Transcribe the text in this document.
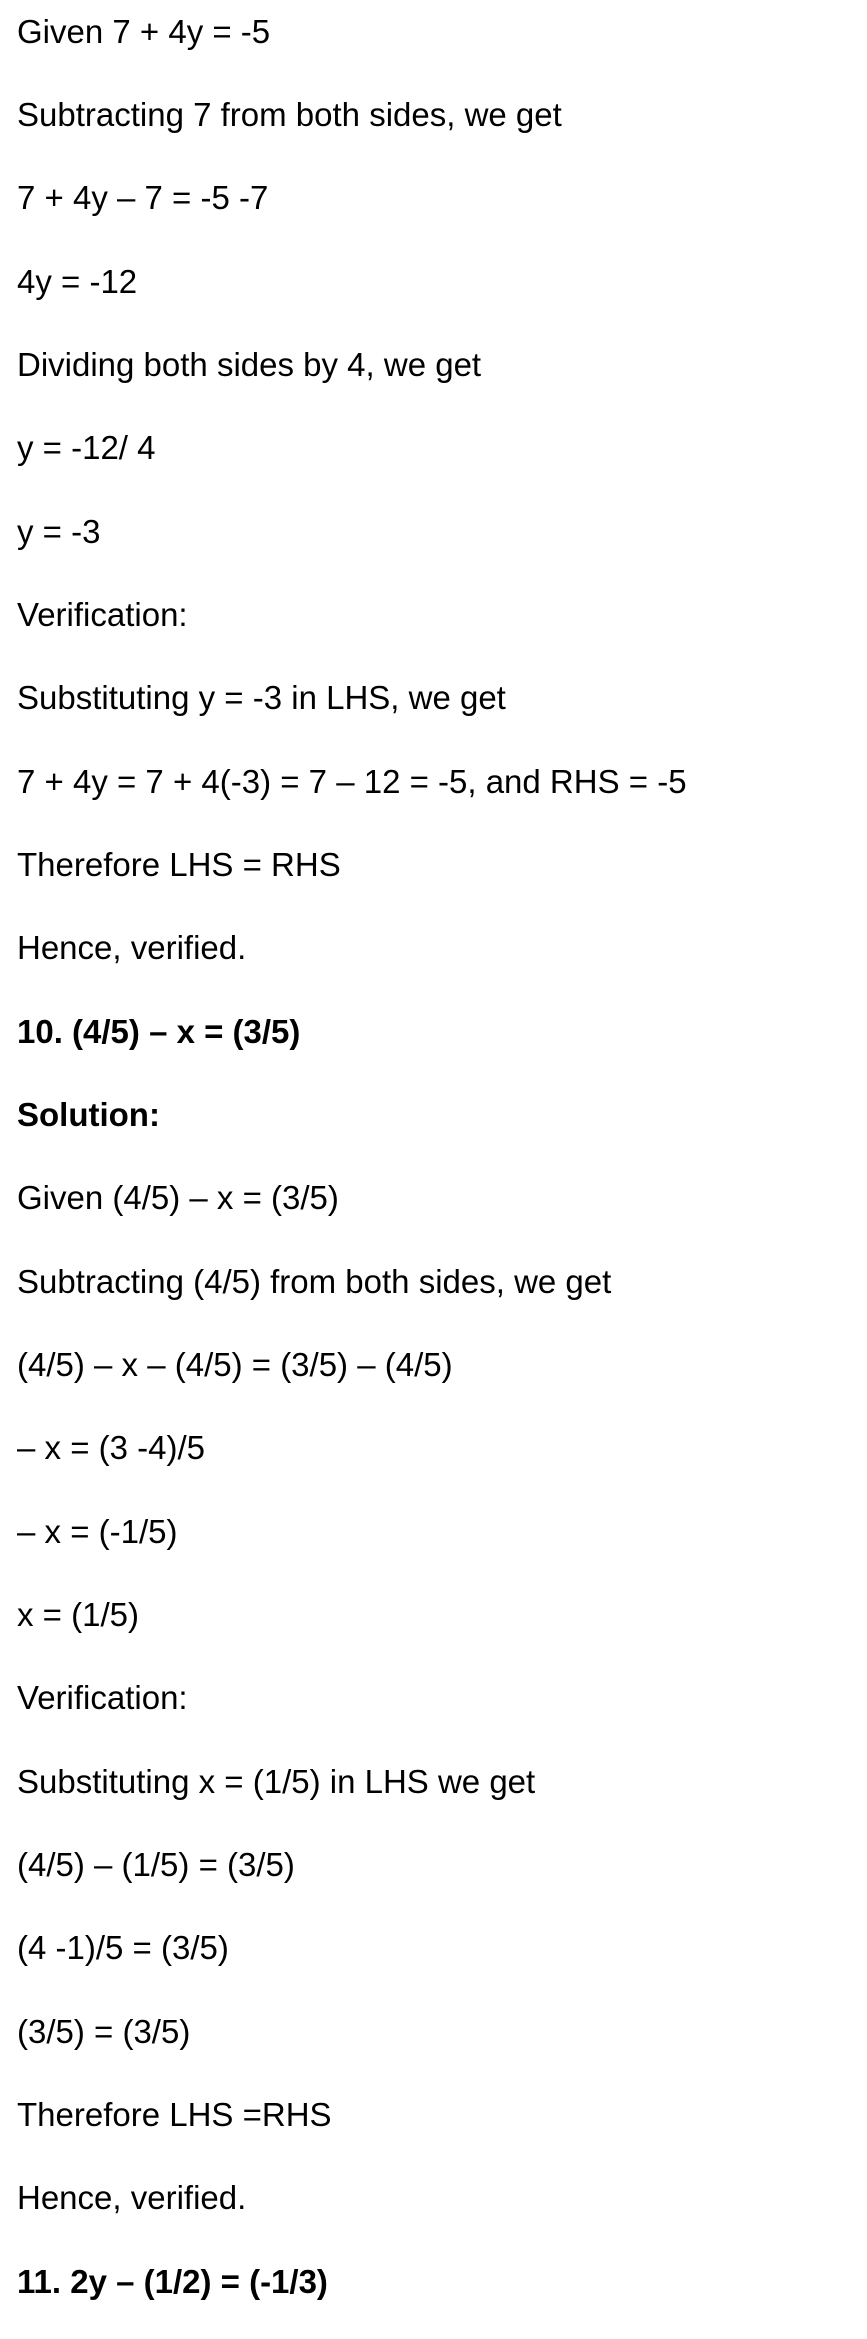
Given 7 + 4y = -5

Subtracting 7 from both sides, we get

7 + 4y – 7 = -5 -7

4y = -12

Dividing both sides by 4, we get

y = -12/ 4

y = -3

Verification:

Substituting y = -3 in LHS, we get

7 + 4y = 7 + 4(-3) = 7 – 12 = -5, and RHS = -5

Therefore LHS = RHS

Hence, verified.

10. (4/5) – x = (3/5)

Solution:

Given (4/5) – x = (3/5)

Subtracting (4/5) from both sides, we get

(4/5) – x – (4/5) = (3/5) – (4/5)

– x = (3 -4)/5

– x = (-1/5)

x = (1/5)

Verification:

Substituting x = (1/5) in LHS we get

(4/5) – (1/5) = (3/5)

(4 -1)/5 = (3/5)

(3/5) = (3/5)

Therefore LHS =RHS

Hence, verified.

11. 2y – (1/2) = (-1/3)
